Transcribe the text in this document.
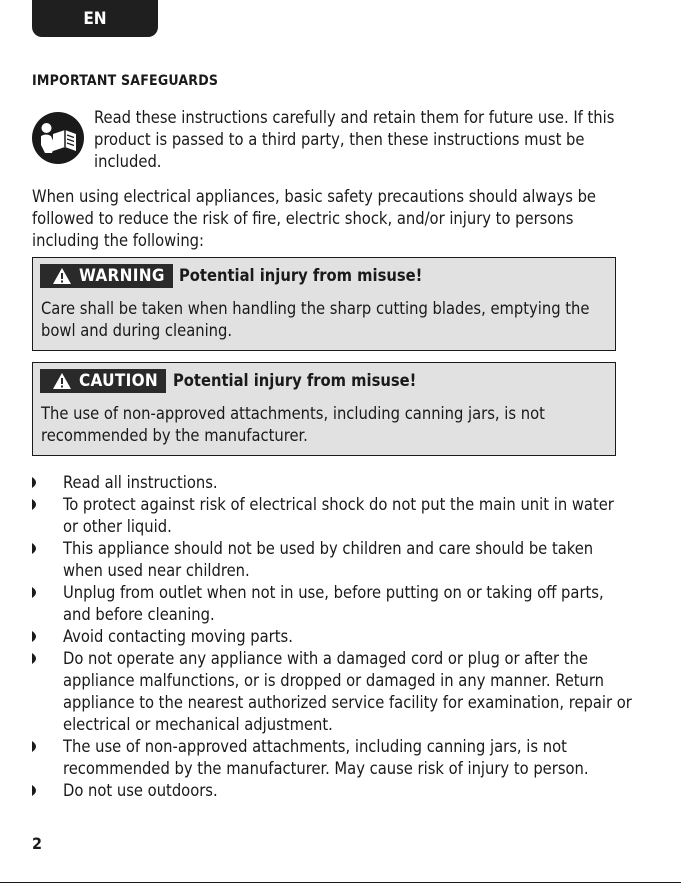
EN
IMPORTANT SAFEGUARDS
Read these instructions carefully and retain them for future use. If this product is passed to a third party, then these instructions must be included.
When using electrical appliances, basic safety precautions should always be followed to reduce the risk of fire, electric shock, and/or injury to persons including the following:
WARNING Potential injury from misuse!
Care shall be taken when handling the sharp cutting blades, emptying the bowl and during cleaning.
CAUTION Potential injury from misuse!
The use of non-approved attachments, including canning jars, is not recommended by the manufacturer.
Read all instructions.
To protect against risk of electrical shock do not put the main unit in water or other liquid.
This appliance should not be used by children and care should be taken when used near children.
Unplug from outlet when not in use, before putting on or taking off parts, and before cleaning.
Avoid contacting moving parts.
Do not operate any appliance with a damaged cord or plug or after the appliance malfunctions, or is dropped or damaged in any manner. Return appliance to the nearest authorized service facility for examination, repair or electrical or mechanical adjustment.
The use of non-approved attachments, including canning jars, is not recommended by the manufacturer. May cause risk of injury to person.
Do not use outdoors.
2
